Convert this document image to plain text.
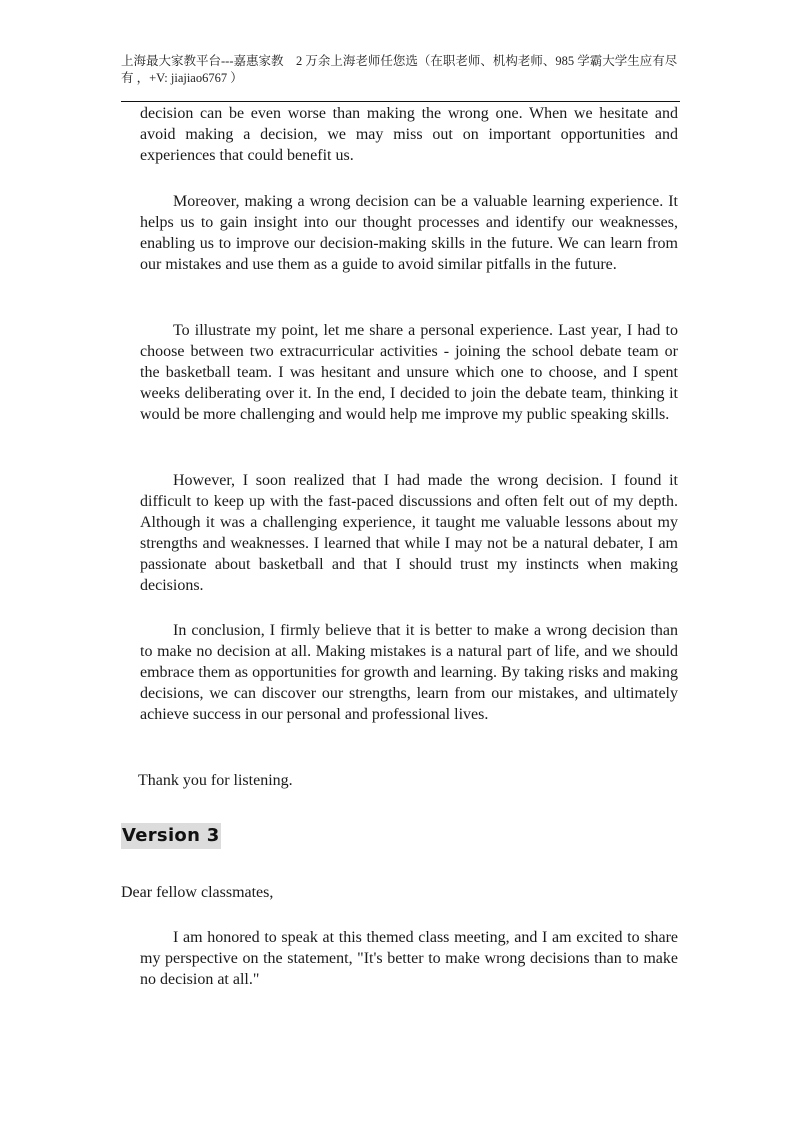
上海最大家教平台---嘉惠家教　2 万余上海老师任您选（在职老师、机构老师、985 学霸大学生应有尽有 ，+V: jiajiao6767 ）

decision can be even worse than making the wrong one. When we hesitate and avoid making a decision, we may miss out on important opportunities and experiences that could benefit us.

Moreover, making a wrong decision can be a valuable learning experience. It helps us to gain insight into our thought processes and identify our weaknesses, enabling us to improve our decision-making skills in the future. We can learn from our mistakes and use them as a guide to avoid similar pitfalls in the future.

To illustrate my point, let me share a personal experience. Last year, I had to choose between two extracurricular activities - joining the school debate team or the basketball team. I was hesitant and unsure which one to choose, and I spent weeks deliberating over it. In the end, I decided to join the debate team, thinking it would be more challenging and would help me improve my public speaking skills.

However, I soon realized that I had made the wrong decision. I found it difficult to keep up with the fast-paced discussions and often felt out of my depth. Although it was a challenging experience, it taught me valuable lessons about my strengths and weaknesses. I learned that while I may not be a natural debater, I am passionate about basketball and that I should trust my instincts when making decisions.

In conclusion, I firmly believe that it is better to make a wrong decision than to make no decision at all. Making mistakes is a natural part of life, and we should embrace them as opportunities for growth and learning. By taking risks and making decisions, we can discover our strengths, learn from our mistakes, and ultimately achieve success in our personal and professional lives.

Thank you for listening.

Version 3

Dear fellow classmates,

I am honored to speak at this themed class meeting, and I am excited to share my perspective on the statement, "It's better to make wrong decisions than to make no decision at all."
